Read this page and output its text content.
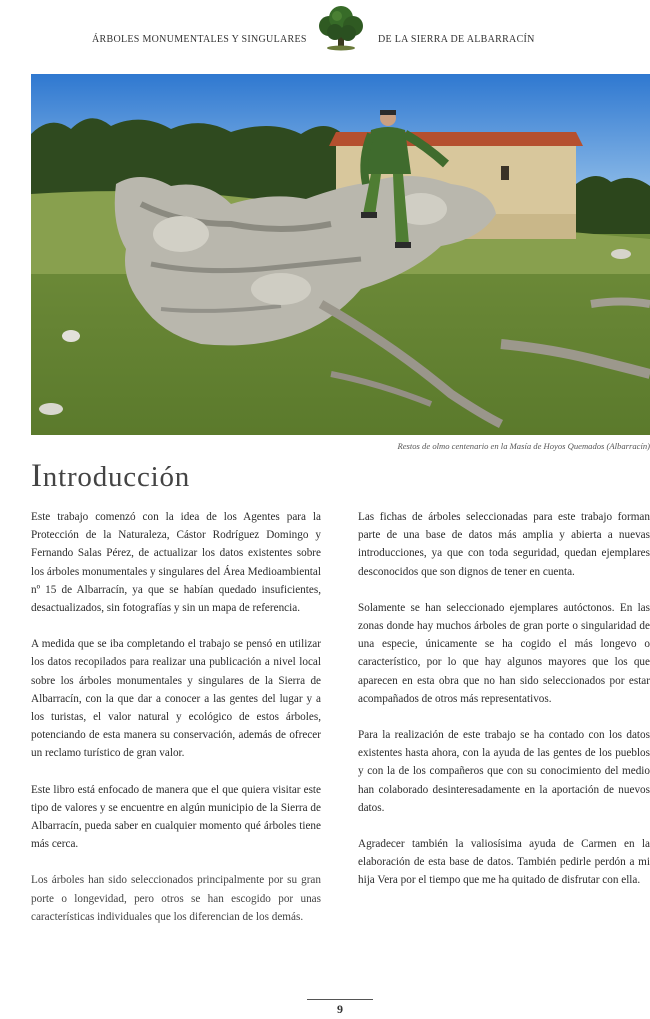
ÁRBOLES MONUMENTALES Y SINGULARES	DE LA SIERRA DE ALBARRACÍN
Restos de olmo centenario en la Masía de Hoyos Quemados (Albarracín)
Introducción

Este trabajo comenzó con la idea de los Agentes para la Protección de la Naturaleza, Cástor Rodríguez Domingo y Fernando Salas Pérez, de actualizar los datos existentes sobre los árboles monumentales y singulares del Área Medioambiental nº 15 de Albarracín, ya que se habían quedado insuficientes, desactualizados, sin fotografías y sin un mapa de referencia.

A medida que se iba completando el trabajo se pensó en utilizar los datos recopilados para realizar una publicación a nivel local sobre los árboles monumentales y singulares de la Sierra de Albarracín, con la que dar a conocer a las gentes del lugar y a los turistas, el valor natural y ecológico de estos árboles, potenciando de esta manera su conservación, además de ofrecer un reclamo turístico de gran valor.

Este libro está enfocado de manera que el que quiera visitar este tipo de valores y se encuentre en algún municipio de la Sierra de Albarracín, pueda saber en cualquier momento qué árboles tiene más cerca.

Los árboles han sido seleccionados principalmente por su gran porte o longevidad, pero otros se han escogido por unas características individuales que los diferencian de los demás.

Las fichas de árboles seleccionadas para este trabajo forman parte de una base de datos más amplia y abierta a nuevas introducciones, ya que con toda seguridad, quedan ejemplares desconocidos que son dignos de tener en cuenta.

Solamente se han seleccionado ejemplares autóctonos. En las zonas donde hay muchos árboles de gran porte o singularidad de una especie, únicamente se ha cogido el más longevo o característico, por lo que hay algunos mayores que los que aparecen en esta obra que no han sido seleccionados por estar acompañados de otros más representativos.

Para la realización de este trabajo se ha contado con los datos existentes hasta ahora, con la ayuda de las gentes de los pueblos y con la de los compañeros que con su conocimiento del medio han colaborado desinteresadamente en la aportación de nuevos datos.

Agradecer también la valiosísima ayuda de Carmen en la elaboración de esta base de datos. También pedirle perdón a mi hija Vera por el tiempo que me ha quitado de disfrutar con ella.

9
